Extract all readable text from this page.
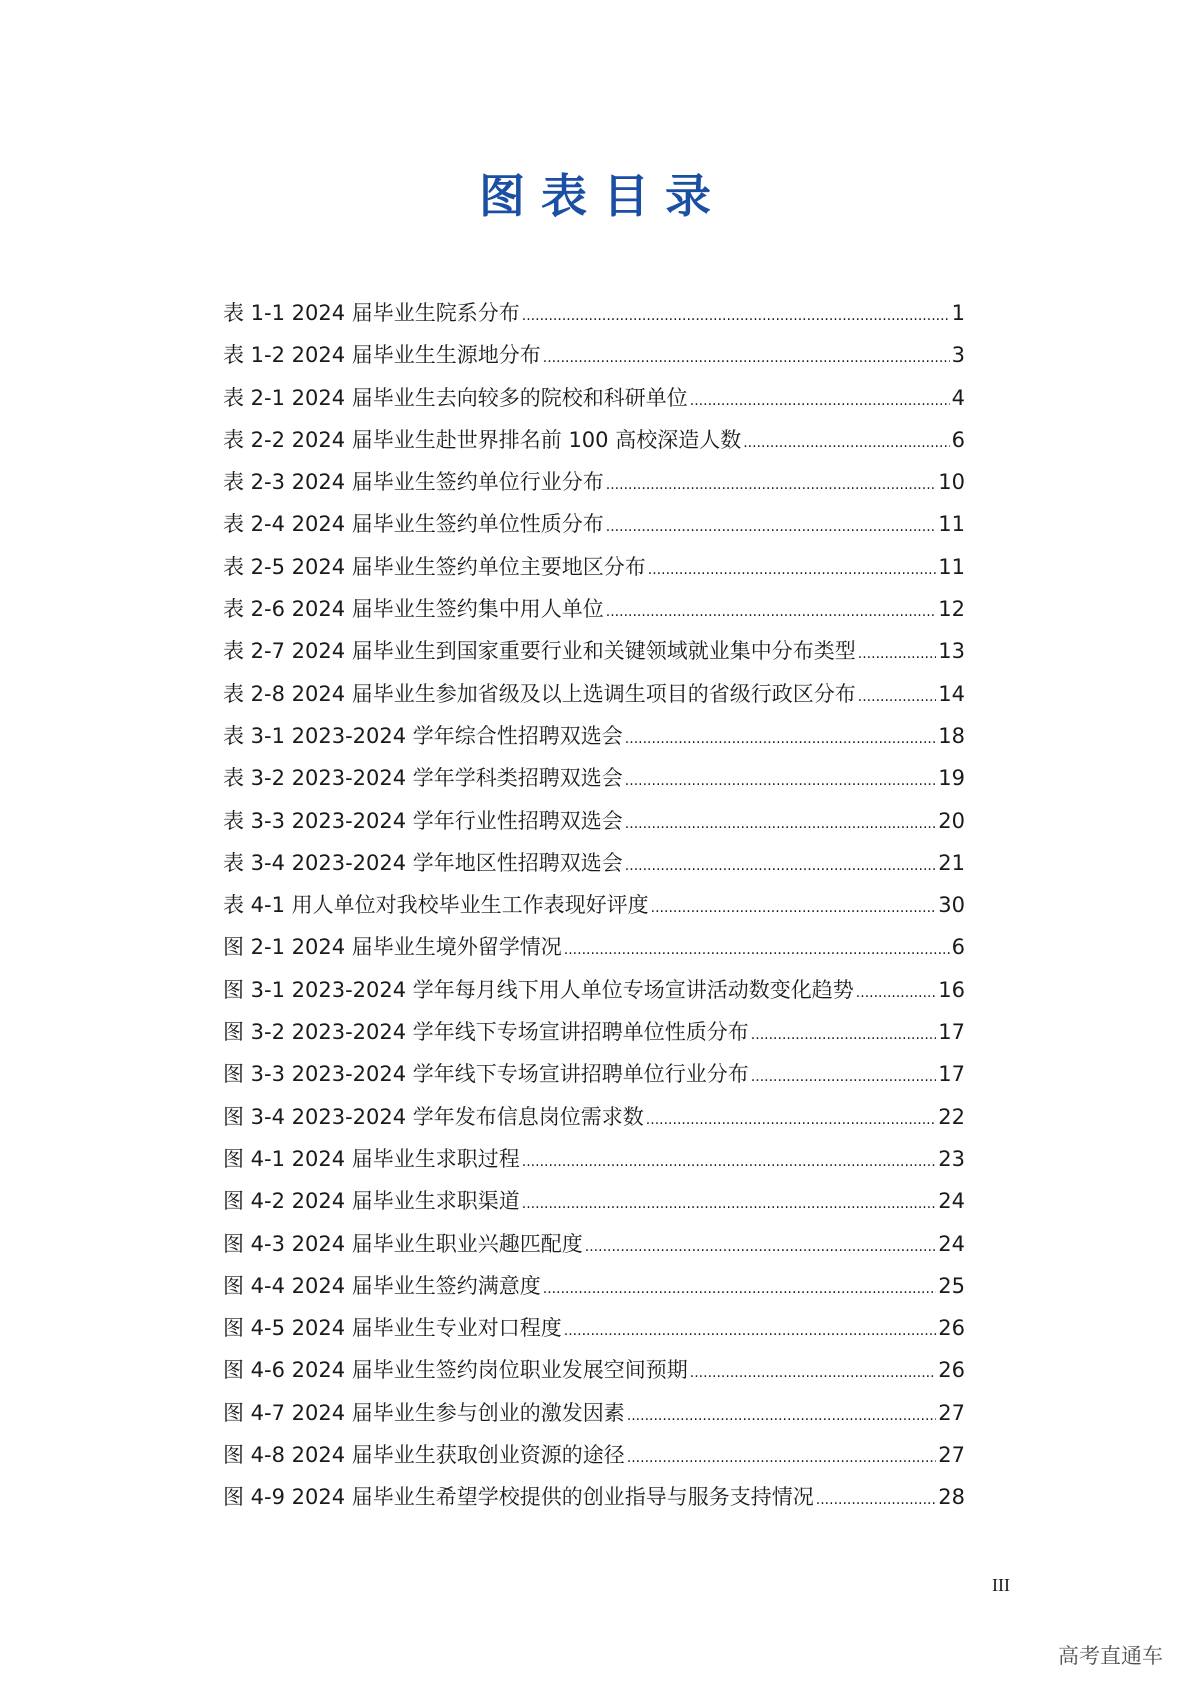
图表目录
表 1-1 2024 届毕业生院系分布 .....	1
表 1-2 2024 届毕业生生源地分布 .....	3
表 2-1 2024 届毕业生去向较多的院校和科研单位 .....	4
表 2-2 2024 届毕业生赴世界排名前 100 高校深造人数 .....	6
表 2-3 2024 届毕业生签约单位行业分布 .....	10
表 2-4 2024 届毕业生签约单位性质分布 .....	11
表 2-5 2024 届毕业生签约单位主要地区分布 .....	11
表 2-6 2024 届毕业生签约集中用人单位 .....	12
表 2-7 2024 届毕业生到国家重要行业和关键领域就业集中分布类型 .....	13
表 2-8 2024 届毕业生参加省级及以上选调生项目的省级行政区分布 .....	14
表 3-1 2023-2024 学年综合性招聘双选会 .....	18
表 3-2 2023-2024 学年学科类招聘双选会 .....	19
表 3-3 2023-2024 学年行业性招聘双选会 .....	20
表 3-4 2023-2024 学年地区性招聘双选会 .....	21
表 4-1 用人单位对我校毕业生工作表现好评度 .....	30
图 2-1 2024 届毕业生境外留学情况 .....	6
图 3-1 2023-2024 学年每月线下用人单位专场宣讲活动数变化趋势 .....	16
图 3-2 2023-2024 学年线下专场宣讲招聘单位性质分布 .....	17
图 3-3 2023-2024 学年线下专场宣讲招聘单位行业分布 .....	17
图 3-4 2023-2024 学年发布信息岗位需求数 .....	22
图 4-1 2024 届毕业生求职过程 .....	23
图 4-2 2024 届毕业生求职渠道 .....	24
图 4-3 2024 届毕业生职业兴趣匹配度 .....	24
图 4-4 2024 届毕业生签约满意度 .....	25
图 4-5 2024 届毕业生专业对口程度 .....	26
图 4-6 2024 届毕业生签约岗位职业发展空间预期 .....	26
图 4-7 2024 届毕业生参与创业的激发因素 .....	27
图 4-8 2024 届毕业生获取创业资源的途径 .....	27
图 4-9 2024 届毕业生希望学校提供的创业指导与服务支持情况 .....	28
III
高考直通车
